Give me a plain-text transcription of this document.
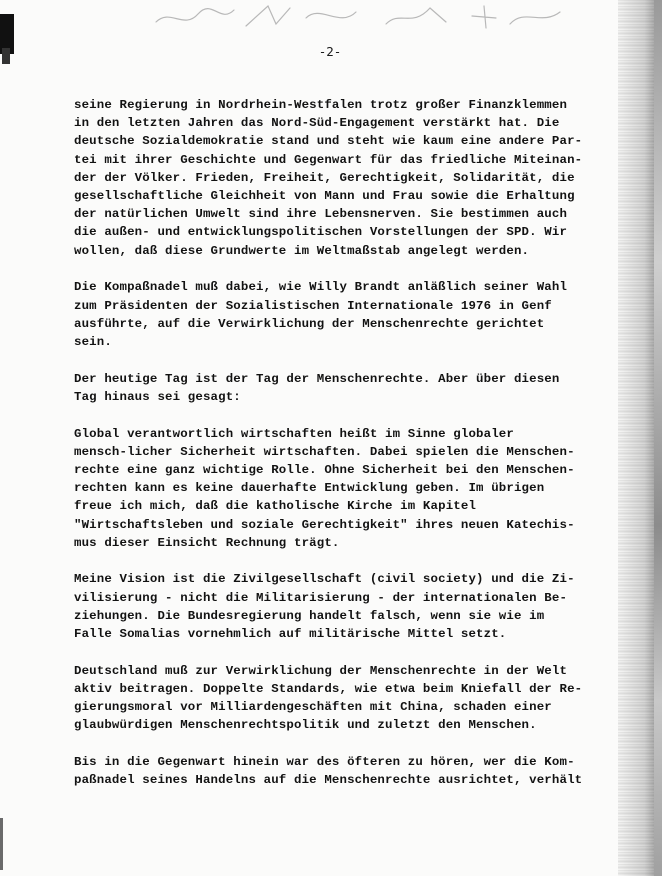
-2-

seine Regierung in Nordrhein-Westfalen trotz großer Finanzklemmen
in den letzten Jahren das Nord-Süd-Engagement verstärkt hat. Die
deutsche Sozialdemokratie stand und steht wie kaum eine andere Par-
tei mit ihrer Geschichte und Gegenwart für das friedliche Miteinan-
der der Völker. Frieden, Freiheit, Gerechtigkeit, Solidarität, die
gesellschaftliche Gleichheit von Mann und Frau sowie die Erhaltung
der natürlichen Umwelt sind ihre Lebensnerven. Sie bestimmen auch
die außen- und entwicklungspolitischen Vorstellungen der SPD. Wir
wollen, daß diese Grundwerte im Weltmaßstab angelegt werden.

Die Kompaßnadel muß dabei, wie Willy Brandt anläßlich seiner Wahl
zum Präsidenten der Sozialistischen Internationale 1976 in Genf
ausführte, auf die Verwirklichung der Menschenrechte gerichtet
sein.

Der heutige Tag ist der Tag der Menschenrechte. Aber über diesen
Tag hinaus sei gesagt:

Global verantwortlich wirtschaften heißt im Sinne globaler
mensch-licher Sicherheit wirtschaften. Dabei spielen die Menschen-
rechte eine ganz wichtige Rolle. Ohne Sicherheit bei den Menschen-
rechten kann es keine dauerhafte Entwicklung geben. Im übrigen
freue ich mich, daß die katholische Kirche im Kapitel
"Wirtschaftsleben und soziale Gerechtigkeit" ihres neuen Katechis-
mus dieser Einsicht Rechnung trägt.

Meine Vision ist die Zivilgesellschaft (civil society) und die Zi-
vilisierung - nicht die Militarisierung - der internationalen Be-
ziehungen. Die Bundesregierung handelt falsch, wenn sie wie im
Falle Somalias vornehmlich auf militärische Mittel setzt.

Deutschland muß zur Verwirklichung der Menschenrechte in der Welt
aktiv beitragen. Doppelte Standards, wie etwa beim Kniefall der Re-
gierungsmoral vor Milliardengeschäften mit China, schaden einer
glaubwürdigen Menschenrechtspolitik und zuletzt den Menschen.

Bis in die Gegenwart hinein war des öfteren zu hören, wer die Kom-
paßnadel seines Handelns auf die Menschenrechte ausrichtet, verhält
